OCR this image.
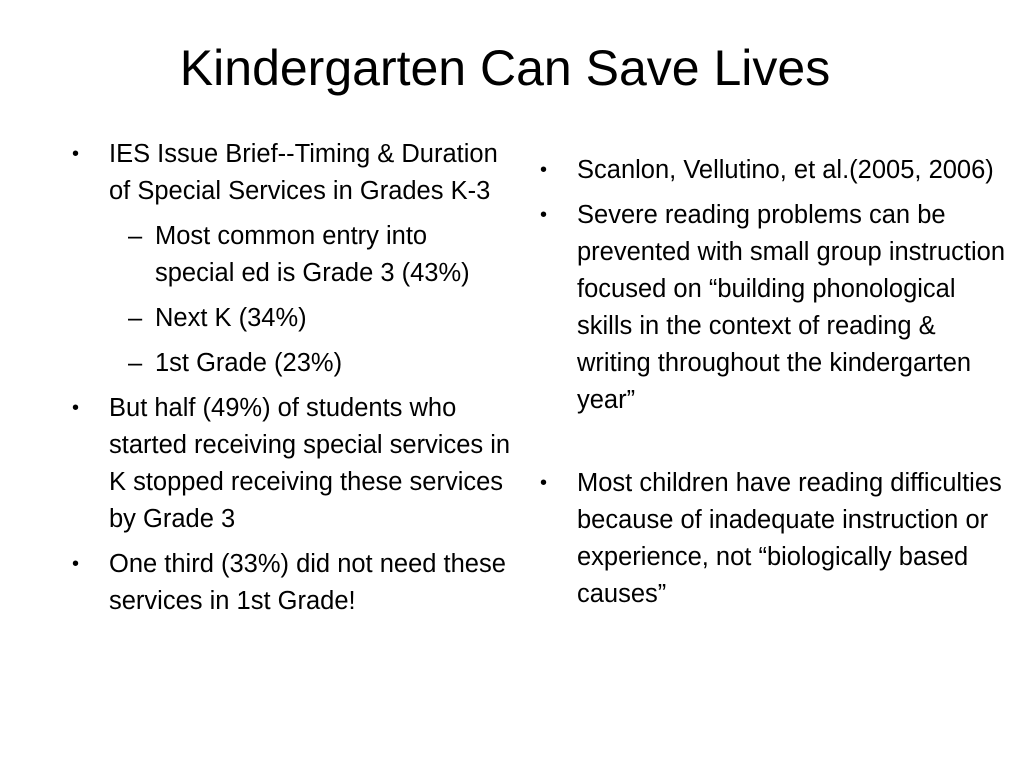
Kindergarten Can Save Lives
• IES Issue Brief--Timing & Duration of Special Services in Grades K-3
– Most common entry into special ed is Grade 3 (43%)
– Next K (34%)
– 1st Grade (23%)
• But half (49%) of students who started receiving special services in K stopped receiving these services by Grade 3
• One third (33%) did not need these services in 1st Grade!
• Scanlon, Vellutino, et al.(2005, 2006)
• Severe reading problems can be prevented with small group instruction focused on “building phonological skills in the context of reading & writing throughout the kindergarten year”
• Most children have reading difficulties because of inadequate instruction or experience, not “biologically based causes”
